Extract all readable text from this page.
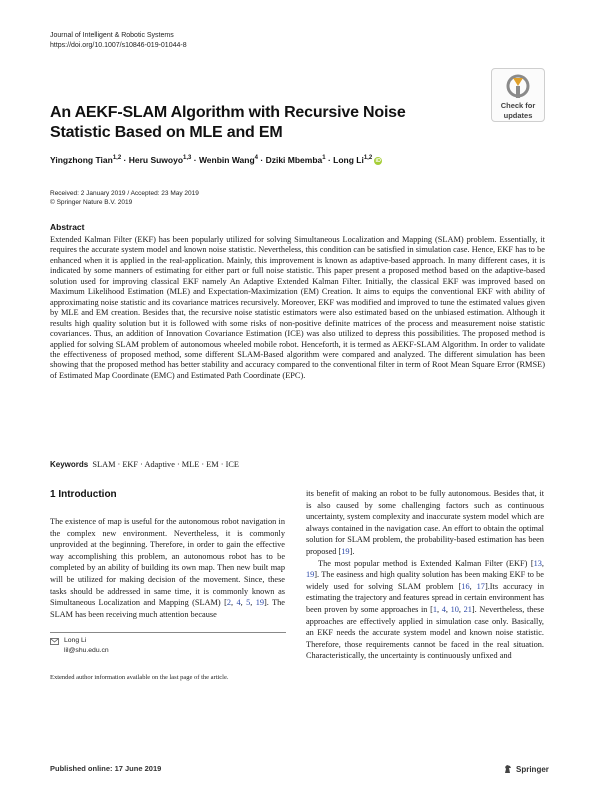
Journal of Intelligent & Robotic Systems
https://doi.org/10.1007/s10846-019-01044-8
Check for
updates
An AEKF-SLAM Algorithm with Recursive Noise Statistic Based on MLE and EM
Yingzhong Tian$^{1,2}$ · Heru Suwoyo$^{1,3}$ · Wenbin Wang$^4$ · Dziki Mbemba$^1$ · Long Li$^{1,2}$ iD
Received: 2 January 2019 / Accepted: 23 May 2019
© Springer Nature B.V. 2019
Abstract
Extended Kalman Filter (EKF) has been popularly utilized for solving Simultaneous Localization and Mapping (SLAM) problem. Essentially, it requires the accurate system model and known noise statistic. Nevertheless, this condition can be satisfied in simulation case. Hence, EKF has to be enhanced when it is applied in the real-application. Mainly, this improvement is known as adaptive-based approach. In many different cases, it is indicated by some manners of estimating for either part or full noise statistic. This paper present a proposed method based on the adaptive-based solution used for improving classical EKF namely An Adaptive Extended Kalman Filter. Initially, the classical EKF was improved based on Maximum Likelihood Estimation (MLE) and Expectation-Maximization (EM) Creation. It aims to equips the conventional EKF with ability of approximating noise statistic and its covariance matrices recursively. Moreover, EKF was modified and improved to tune the estimated values given by MLE and EM creation. Besides that, the recursive noise statistic estimators were also estimated based on the unbiased estimation. Although it results high quality solution but it is followed with some risks of non-positive definite matrices of the process and measurement noise statistic covariances. Thus, an addition of Innovation Covariance Estimation (ICE) was also utilized to depress this possibilities. The proposed method is applied for solving SLAM problem of autonomous wheeled mobile robot. Henceforth, it is termed as AEKF-SLAM Algorithm. In order to validate the effectiveness of proposed method, some different SLAM-Based algorithm were compared and analyzed. The different simulation has been showing that the proposed method has better stability and accuracy compared to the conventional filter in term of Root Mean Square Error (RMSE) of Estimated Map Coordinate (EMC) and Estimated Path Coordinate (EPC).
Keywords SLAM · EKF · Adaptive · MLE · EM · ICE
1 Introduction

The existence of map is useful for the autonomous robot navigation in the complex new environment. Nevertheless, it is commonly unprovided at the beginning. Therefore, in order to gain the effective way accomplishing this problem, an autonomous robot has to be completed by an ability of building its own map. Then new built map will be utilized for making decision of the movement. Since, these tasks should be addressed in same time, it is commonly known as Simultaneous Localization and Mapping (SLAM) [2, 4, 5, 19]. The SLAM has been receiving much attention because

Long Li
lil@shu.edu.cn
Extended author information available on the last page of the article.

its benefit of making an robot to be fully autonomous. Besides that, it is also caused by some challenging factors such as continuous uncertainty, system complexity and inaccurate system model which are always contained in the navigation case. An effort to obtain the optimal solution for SLAM problem, the probability-based estimation has been proposed [19].

The most popular method is Extended Kalman Filter (EKF) [13, 19]. The easiness and high quality solution has been making EKF to be widely used for solving SLAM problem [16, 17].Its accuracy in estimating the trajectory and features spread in certain environment has been proven by some approaches in [1, 4, 10, 21]. Nevertheless, these approaches are effectively applied in simulation case only. Basically, an EKF needs the accurate system model and known noise statistic. Therefore, those requirements cannot be faced in the real situation. Characteristically, the uncertainty is continuously unfixed and

Published online: 17 June 2019	Springer
